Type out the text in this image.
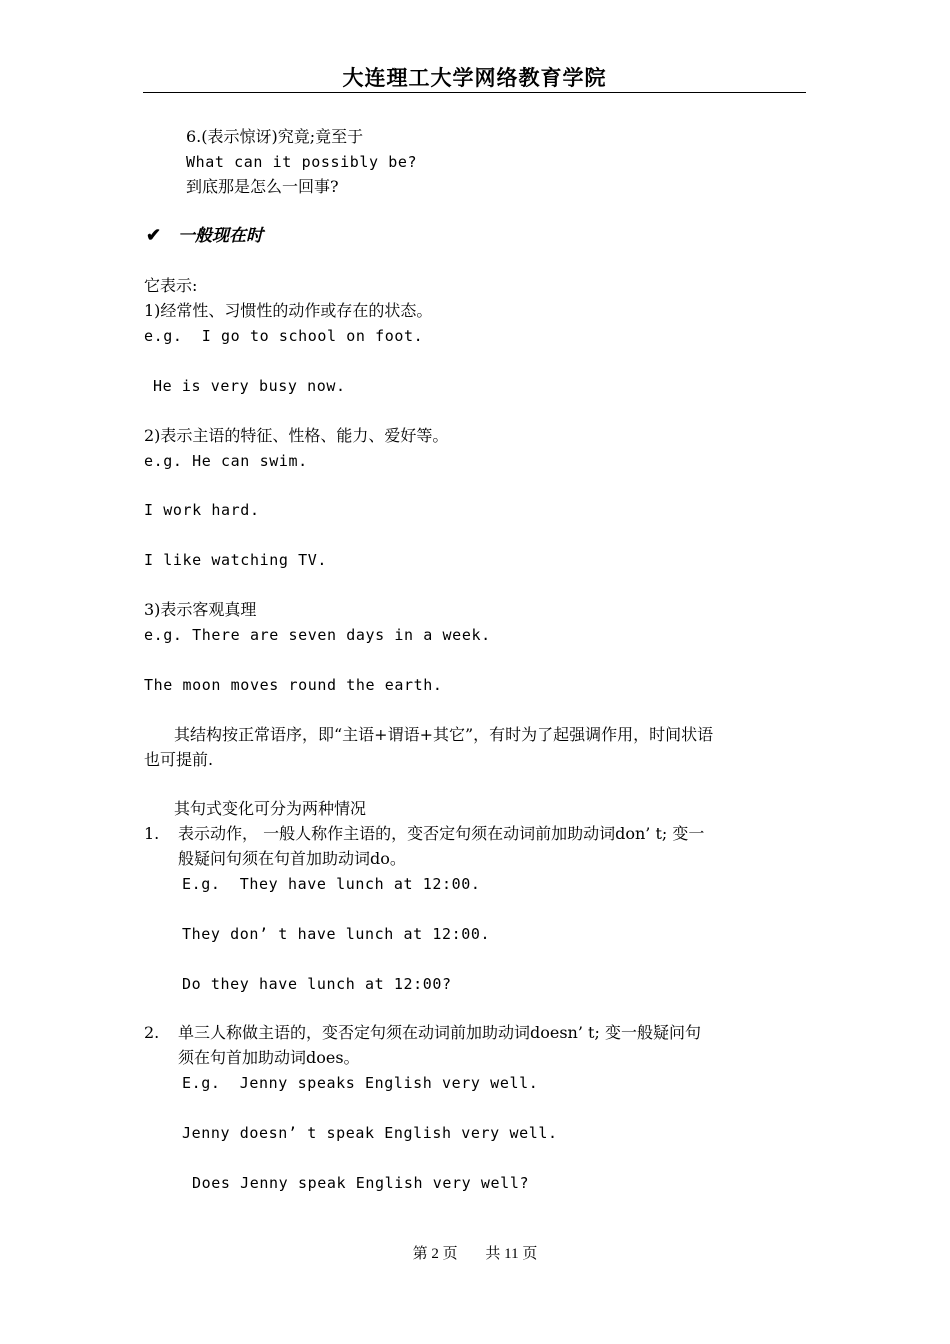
大连理工大学网络教育学院
6.(表示惊讶)究竟;竟至于
What can it possibly be?
到底那是怎么一回事?
✔ 一般现在时
它表示:
1)经常性、习惯性的动作或存在的状态。
e.g.  I go to school on foot.
He is very busy now.
2)表示主语的特征、性格、能力、爱好等。
e.g. He can swim.
I work hard.
I like watching TV.
3)表示客观真理
e.g. There are seven days in a week.
The moon moves round the earth.
其结构按正常语序，即“主语+谓语+其它”，有时为了起强调作用，时间状语
也可提前.
其句式变化可分为两种情况
1. 表示动作， 一般人称作主语的，变否定句须在动词前加助动词don’ t; 变一
般疑问句须在句首加助动词do。
E.g.  They have lunch at 12:00.
They don’ t have lunch at 12:00.
Do they have lunch at 12:00?
2. 单三人称做主语的，变否定句须在动词前加助动词doesn’ t; 变一般疑问句
须在句首加助动词does。
E.g.  Jenny speaks English very well.
Jenny doesn’ t speak English very well.
Does Jenny speak English very well?
第 2 页 共 11 页
